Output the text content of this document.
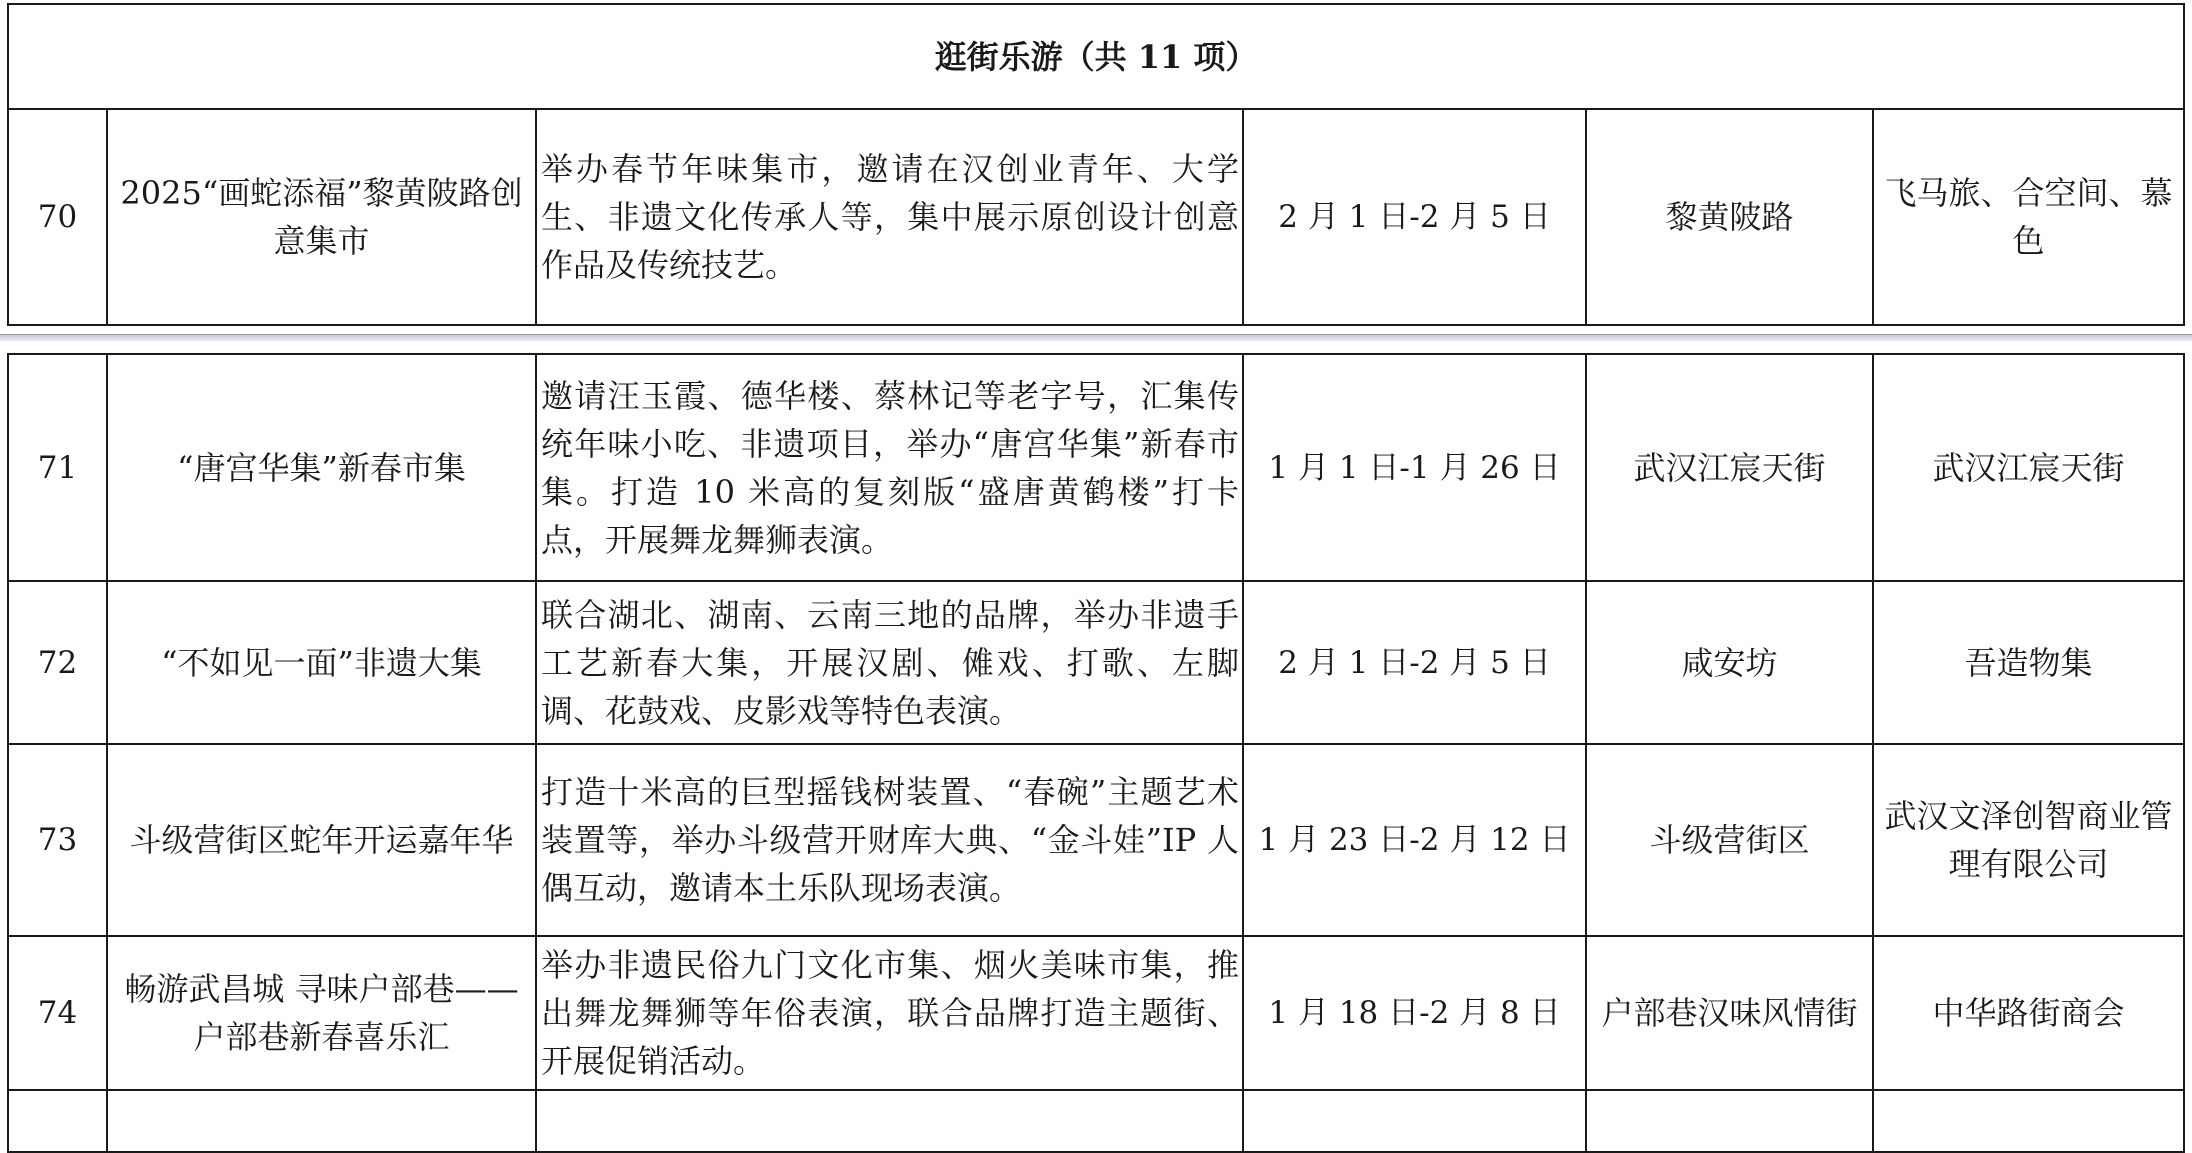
逛街乐游（共 11 项）
70	2025“画蛇添福”黎黄陂路创意集市	举办春节年味集市，邀请在汉创业青年、大学生、非遗文化传承人等，集中展示原创设计创意作品及传统技艺。	2 月 1 日-2 月 5 日	黎黄陂路	飞马旅、合空间、慕色
71	“唐宫华集”新春市集	邀请汪玉霞、德华楼、蔡林记等老字号，汇集传统年味小吃、非遗项目，举办“唐宫华集”新春市集。打造 10 米高的复刻版“盛唐黄鹤楼”打卡点，开展舞龙舞狮表演。	1 月 1 日-1 月 26 日	武汉江宸天街	武汉江宸天街
72	“不如见一面”非遗大集	联合湖北、湖南、云南三地的品牌，举办非遗手工艺新春大集，开展汉剧、傩戏、打歌、左脚调、花鼓戏、皮影戏等特色表演。	2 月 1 日-2 月 5 日	咸安坊	吾造物集
73	斗级营街区蛇年开运嘉年华	打造十米高的巨型摇钱树装置、“春碗”主题艺术装置等，举办斗级营开财库大典、“金斗娃”IP 人偶互动，邀请本土乐队现场表演。	1 月 23 日-2 月 12 日	斗级营街区	武汉文泽创智商业管理有限公司
74	畅游武昌城 寻味户部巷——户部巷新春喜乐汇	举办非遗民俗九门文化市集、烟火美味市集，推出舞龙舞狮等年俗表演，联合品牌打造主题街、开展促销活动。	1 月 18 日-2 月 8 日	户部巷汉味风情街	中华路街商会
